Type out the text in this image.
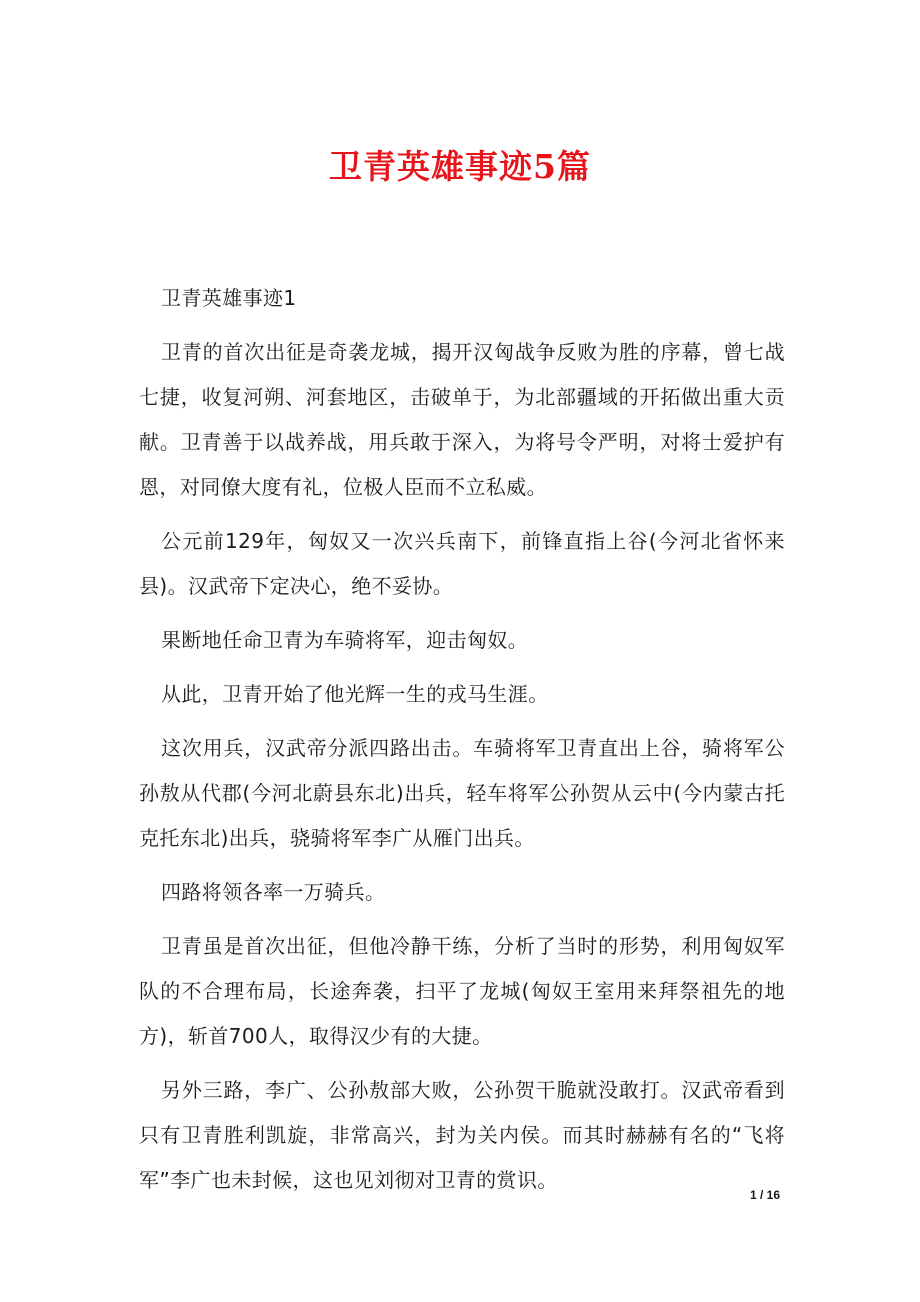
卫青英雄事迹5篇

卫青英雄事迹1

卫青的首次出征是奇袭龙城，揭开汉匈战争反败为胜的序幕，曾七战七捷，收复河朔、河套地区，击破单于，为北部疆域的开拓做出重大贡献。卫青善于以战养战，用兵敢于深入，为将号令严明，对将士爱护有恩，对同僚大度有礼，位极人臣而不立私威。

公元前129年，匈奴又一次兴兵南下，前锋直指上谷(今河北省怀来县)。汉武帝下定决心，绝不妥协。

果断地任命卫青为车骑将军，迎击匈奴。

从此，卫青开始了他光辉一生的戎马生涯。

这次用兵，汉武帝分派四路出击。车骑将军卫青直出上谷，骑将军公孙敖从代郡(今河北蔚县东北)出兵，轻车将军公孙贺从云中(今内蒙古托克托东北)出兵，骁骑将军李广从雁门出兵。

四路将领各率一万骑兵。

卫青虽是首次出征，但他冷静干练，分析了当时的形势，利用匈奴军队的不合理布局，长途奔袭，扫平了龙城(匈奴王室用来拜祭祖先的地方)，斩首700人，取得汉少有的大捷。

另外三路，李广、公孙敖部大败，公孙贺干脆就没敢打。汉武帝看到只有卫青胜利凯旋，非常高兴，封为关内侯。而其时赫赫有名的“飞将军”李广也未封候，这也见刘彻对卫青的赏识。

1 / 16
